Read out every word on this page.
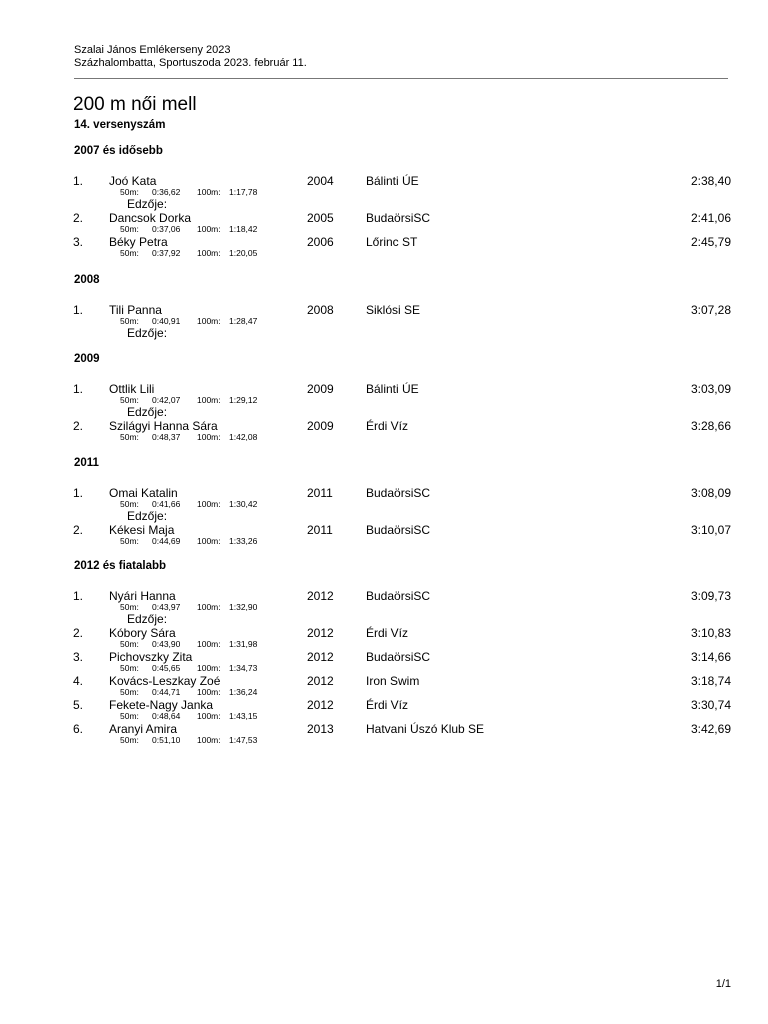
Szalai János Emlékerseny 2023
Százhalombatta, Sportuszoda 2023. február 11.
200 m női mell
14. versenyszám
2007 és idősebb
1. Joó Kata	2004	Bálinti ÚE	2:38,40
50m: 0:36,62 100m: 1:17,78
Edzője:
2. Dancsok Dorka	2005	BudaörsiSC	2:41,06
50m: 0:37,06 100m: 1:18,42
3. Béky Petra	2006	Lőrinc ST	2:45,79
50m: 0:37,92 100m: 1:20,05
2008
1. Tili Panna	2008	Siklósi SE	3:07,28
50m: 0:40,91 100m: 1:28,47
Edzője:
2009
1. Ottlik Lili	2009	Bálinti ÚE	3:03,09
50m: 0:42,07 100m: 1:29,12
Edzője:
2. Szilágyi Hanna Sára	2009	Érdi Víz	3:28,66
50m: 0:48,37 100m: 1:42,08
2011
1. Omai Katalin	2011	BudaörsiSC	3:08,09
50m: 0:41,66 100m: 1:30,42
Edzője:
2. Kékesi Maja	2011	BudaörsiSC	3:10,07
50m: 0:44,69 100m: 1:33,26
2012 és fiatalabb
1. Nyári Hanna	2012	BudaörsiSC	3:09,73
50m: 0:43,97 100m: 1:32,90
Edzője:
2. Kóbory Sára	2012	Érdi Víz	3:10,83
50m: 0:43,90 100m: 1:31,98
3. Pichovszky Zita	2012	BudaörsiSC	3:14,66
50m: 0:45,65 100m: 1:34,73
4. Kovács-Leszkay Zoé	2012	Iron Swim	3:18,74
50m: 0:44,71 100m: 1:36,24
5. Fekete-Nagy Janka	2012	Érdi Víz	3:30,74
50m: 0:48,64 100m: 1:43,15
6. Aranyi Amira	2013	Hatvani Úszó Klub SE	3:42,69
50m: 0:51,10 100m: 1:47,53
1/1
